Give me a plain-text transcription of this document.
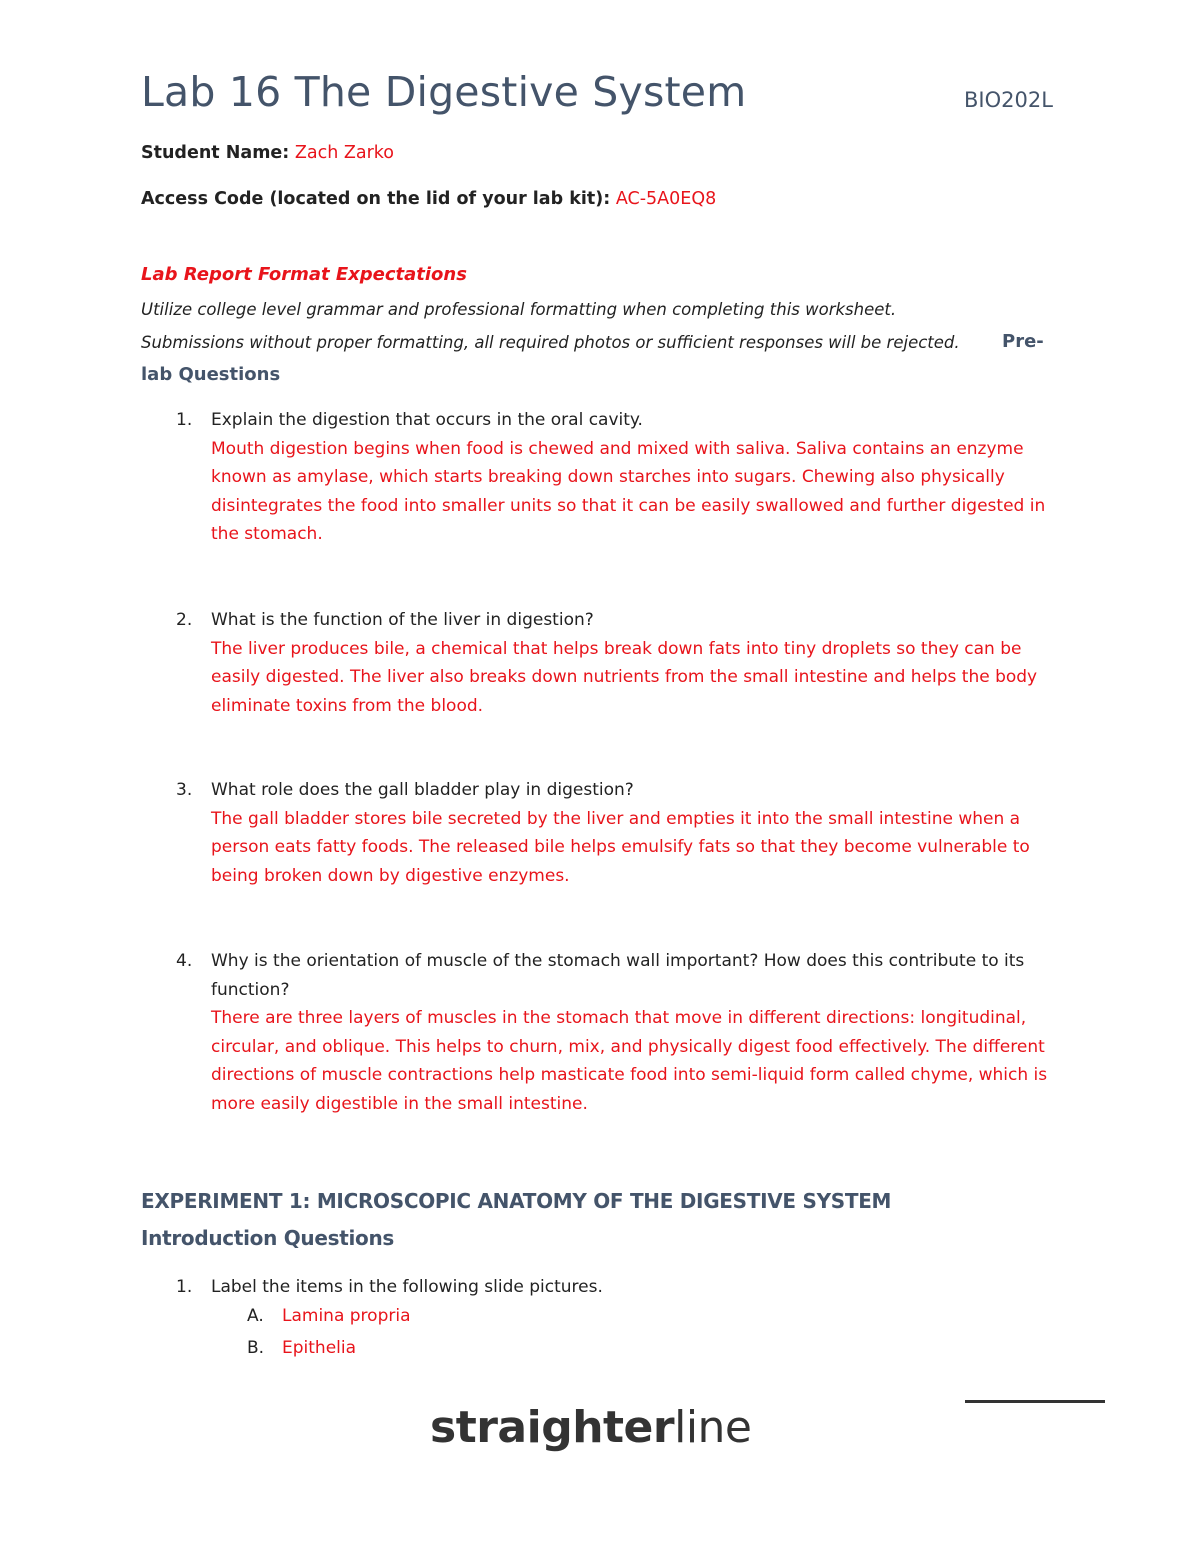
Lab 16 The Digestive System	BIO202L
Student Name: Zach Zarko
Access Code (located on the lid of your lab kit): AC-5A0EQ8
Lab Report Format Expectations
Utilize college level grammar and professional formatting when completing this worksheet.
Submissions without proper formatting, all required photos or sufficient responses will be rejected. Pre-
lab Questions
1. Explain the digestion that occurs in the oral cavity.
Mouth digestion begins when food is chewed and mixed with saliva. Saliva contains an enzyme known as amylase, which starts breaking down starches into sugars. Chewing also physically disintegrates the food into smaller units so that it can be easily swallowed and further digested in the stomach.
2. What is the function of the liver in digestion?
The liver produces bile, a chemical that helps break down fats into tiny droplets so they can be easily digested. The liver also breaks down nutrients from the small intestine and helps the body eliminate toxins from the blood.
3. What role does the gall bladder play in digestion?
The gall bladder stores bile secreted by the liver and empties it into the small intestine when a person eats fatty foods. The released bile helps emulsify fats so that they become vulnerable to being broken down by digestive enzymes.
4. Why is the orientation of muscle of the stomach wall important? How does this contribute to its function?
There are three layers of muscles in the stomach that move in different directions: longitudinal, circular, and oblique. This helps to churn, mix, and physically digest food effectively. The different directions of muscle contractions help masticate food into semi-liquid form called chyme, which is more easily digestible in the small intestine.
EXPERIMENT 1: MICROSCOPIC ANATOMY OF THE DIGESTIVE SYSTEM
Introduction Questions
1. Label the items in the following slide pictures.
A. Lamina propria
B. Epithelia
straighterline
